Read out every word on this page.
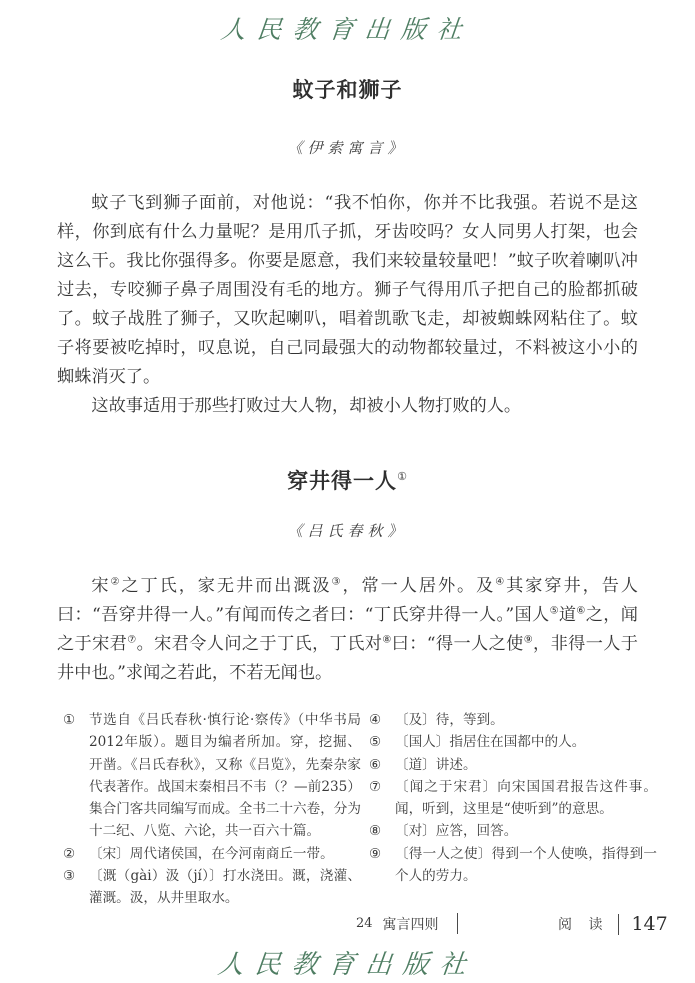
人民教育出版社
蚊子和狮子
《伊索寓言》

蚊子飞到狮子面前，对他说：“我不怕你，你并不比我强。若说不是这样，你到底有什么力量呢？是用爪子抓，牙齿咬吗？女人同男人打架，也会这么干。我比你强得多。你要是愿意，我们来较量较量吧！”蚊子吹着喇叭冲过去，专咬狮子鼻子周围没有毛的地方。狮子气得用爪子把自己的脸都抓破了。蚊子战胜了狮子，又吹起喇叭，唱着凯歌飞走，却被蜘蛛网粘住了。蚊子将要被吃掉时，叹息说，自己同最强大的动物都较量过，不料被这小小的蜘蛛消灭了。

这故事适用于那些打败过大人物，却被小人物打败的人。

穿井得一人①
《吕氏春秋》

宋②之丁氏，家无井而出溉汲③，常一人居外。及④其家穿井，告人曰：“吾穿井得一人。”有闻而传之者曰：“丁氏穿井得一人。”国人⑤道⑥之，闻之于宋君⑦。宋君令人问之于丁氏，丁氏对⑧曰：“得一人之使⑨，非得一人于井中也。”求闻之若此，不若无闻也。

①	节选自《吕氏春秋·慎行论·察传》（中华书局2012年版）。题目为编者所加。穿，挖掘、开凿。《吕氏春秋》，又称《吕览》，先秦杂家代表著作。战国末秦相吕不韦（？—前235）集合门客共同编写而成。全书二十六卷，分为十二纪、八览、六论，共一百六十篇。
②	〔宋〕周代诸侯国，在今河南商丘一带。
③	〔溉（gài）汲（jí）〕打水浇田。溉，浇灌、灌溉。汲，从井里取水。
④	〔及〕待，等到。
⑤	〔国人〕指居住在国都中的人。
⑥	〔道〕讲述。
⑦	〔闻之于宋君〕向宋国国君报告这件事。闻，听到，这里是“使听到”的意思。
⑧	〔对〕应答，回答。
⑨	〔得一人之使〕得到一个人使唤，指得到一个人的劳力。
24 寓言四则	阅 读 147
人民教育出版社
